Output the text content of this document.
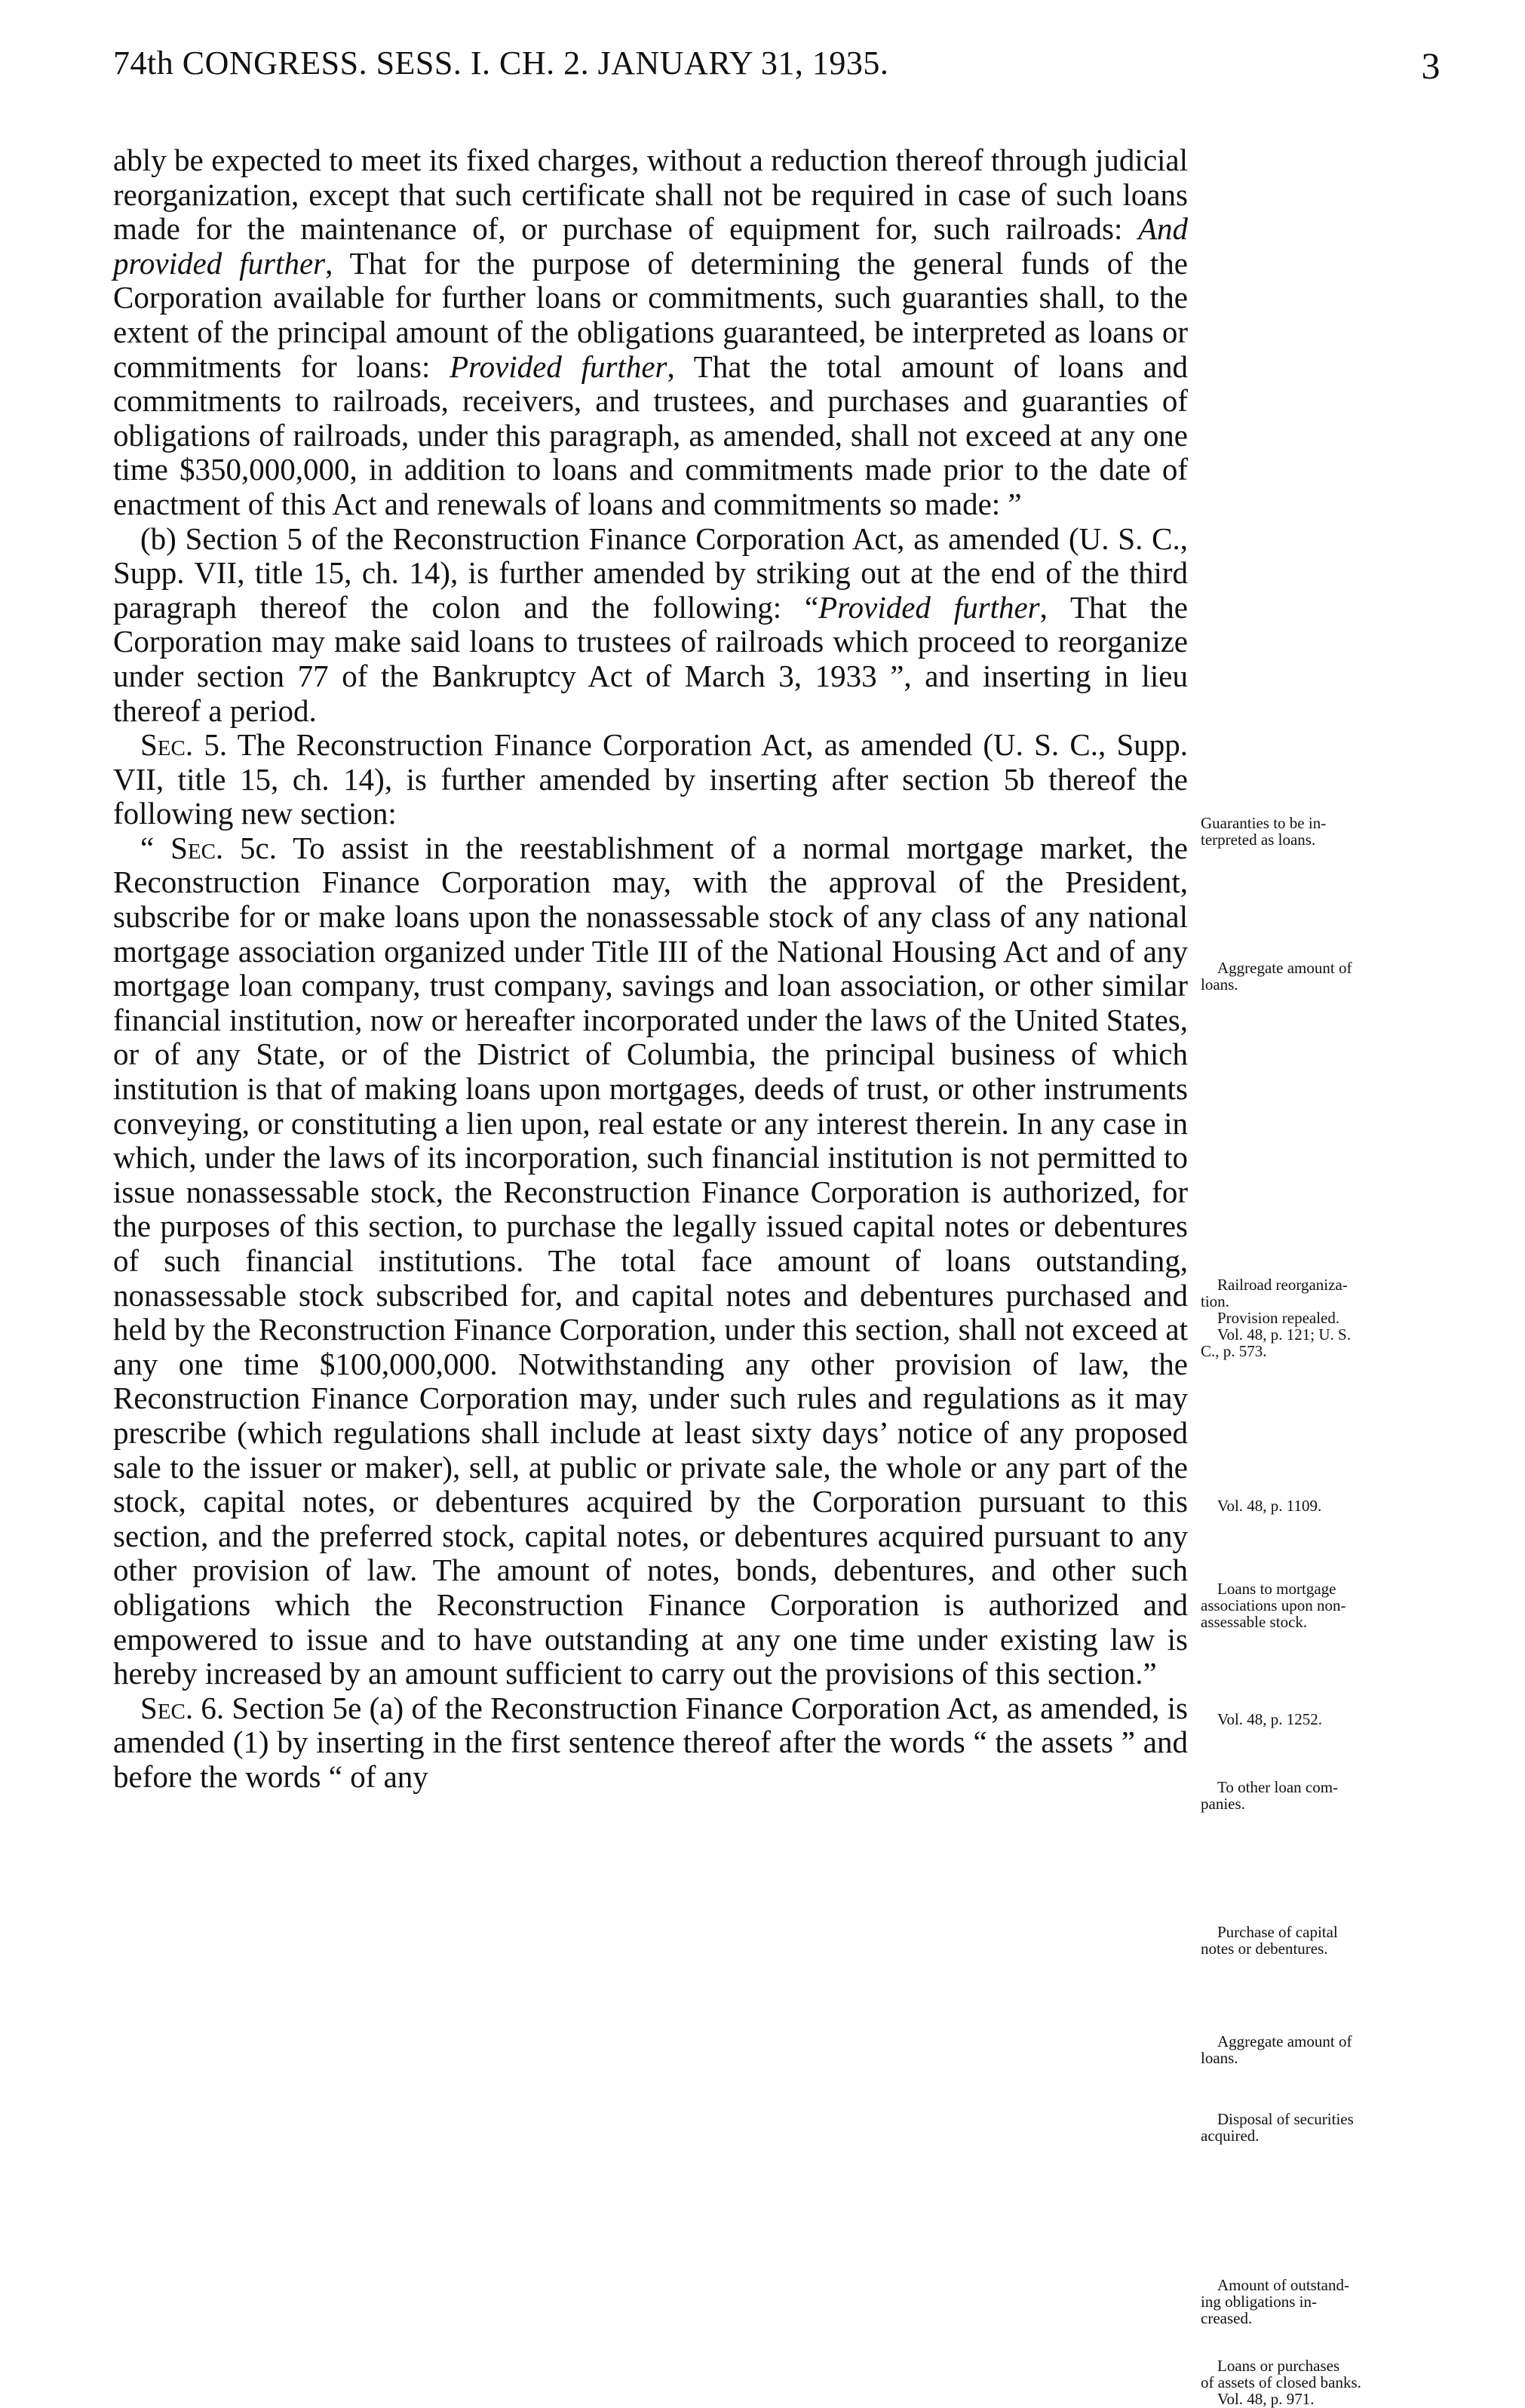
74th CONGRESS. SESS. I. CH. 2. JANUARY 31, 1935.	3

ably be expected to meet its fixed charges, without a reduction thereof through judicial reorganization, except that such certificate shall not be required in case of such loans made for the maintenance of, or purchase of equipment for, such railroads: And provided further, That for the purpose of determining the general funds of the Corporation available for further loans or commitments, such guaranties shall, to the extent of the principal amount of the obligations guaranteed, be interpreted as loans or commitments for loans: Provided further, That the total amount of loans and commitments to railroads, receivers, and trustees, and purchases and guaranties of obligations of railroads, under this paragraph, as amended, shall not exceed at any one time $350,000,000, in addition to loans and commitments made prior to the date of enactment of this Act and renewals of loans and commitments so made: ”

(b) Section 5 of the Reconstruction Finance Corporation Act, as amended (U. S. C., Supp. VII, title 15, ch. 14), is further amended by striking out at the end of the third paragraph thereof the colon and the following: “Provided further, That the Corporation may make said loans to trustees of railroads which proceed to reorganize under section 77 of the Bankruptcy Act of March 3, 1933 ”, and inserting in lieu thereof a period.

Sec. 5. The Reconstruction Finance Corporation Act, as amended (U. S. C., Supp. VII, title 15, ch. 14), is further amended by inserting after section 5b thereof the following new section:

“ Sec. 5c. To assist in the reestablishment of a normal mortgage market, the Reconstruction Finance Corporation may, with the approval of the President, subscribe for or make loans upon the nonassessable stock of any class of any national mortgage association organized under Title III of the National Housing Act and of any mortgage loan company, trust company, savings and loan association, or other similar financial institution, now or hereafter incorporated under the laws of the United States, or of any State, or of the District of Columbia, the principal business of which institution is that of making loans upon mortgages, deeds of trust, or other instruments conveying, or constituting a lien upon, real estate or any interest therein. In any case in which, under the laws of its incorporation, such financial institution is not permitted to issue nonassessable stock, the Reconstruction Finance Corporation is authorized, for the purposes of this section, to purchase the legally issued capital notes or debentures of such financial institutions. The total face amount of loans outstanding, nonassessable stock subscribed for, and capital notes and debentures purchased and held by the Reconstruction Finance Corporation, under this section, shall not exceed at any one time $100,000,000. Notwithstanding any other provision of law, the Reconstruction Finance Corporation may, under such rules and regulations as it may prescribe (which regulations shall include at least sixty days’ notice of any proposed sale to the issuer or maker), sell, at public or private sale, the whole or any part of the stock, capital notes, or debentures acquired by the Corporation pursuant to this section, and the preferred stock, capital notes, or debentures acquired pursuant to any other provision of law. The amount of notes, bonds, debentures, and other such obligations which the Reconstruction Finance Corporation is authorized and empowered to issue and to have outstanding at any one time under existing law is hereby increased by an amount sufficient to carry out the provisions of this section.”

Sec. 6. Section 5e (a) of the Reconstruction Finance Corporation Act, as amended, is amended (1) by inserting in the first sentence thereof after the words “ the assets ” and before the words “ of any

Guaranties to be in-
terpreted as loans.
Aggregate amount of
loans.
Railroad reorganiza-
tion.
Provision repealed.
Vol. 48, p. 121; U. S.
C., p. 573.
Vol. 48, p. 1109.
Loans to mortgage
associations upon non-
assessable stock.
Vol. 48, p. 1252.
To other loan com-
panies.
Purchase of capital
notes or debentures.
Aggregate amount of
loans.
Disposal of securities
acquired.
Amount of outstand-
ing obligations in-
creased.
Loans or purchases
of assets of closed banks.
Vol. 48, p. 971.
